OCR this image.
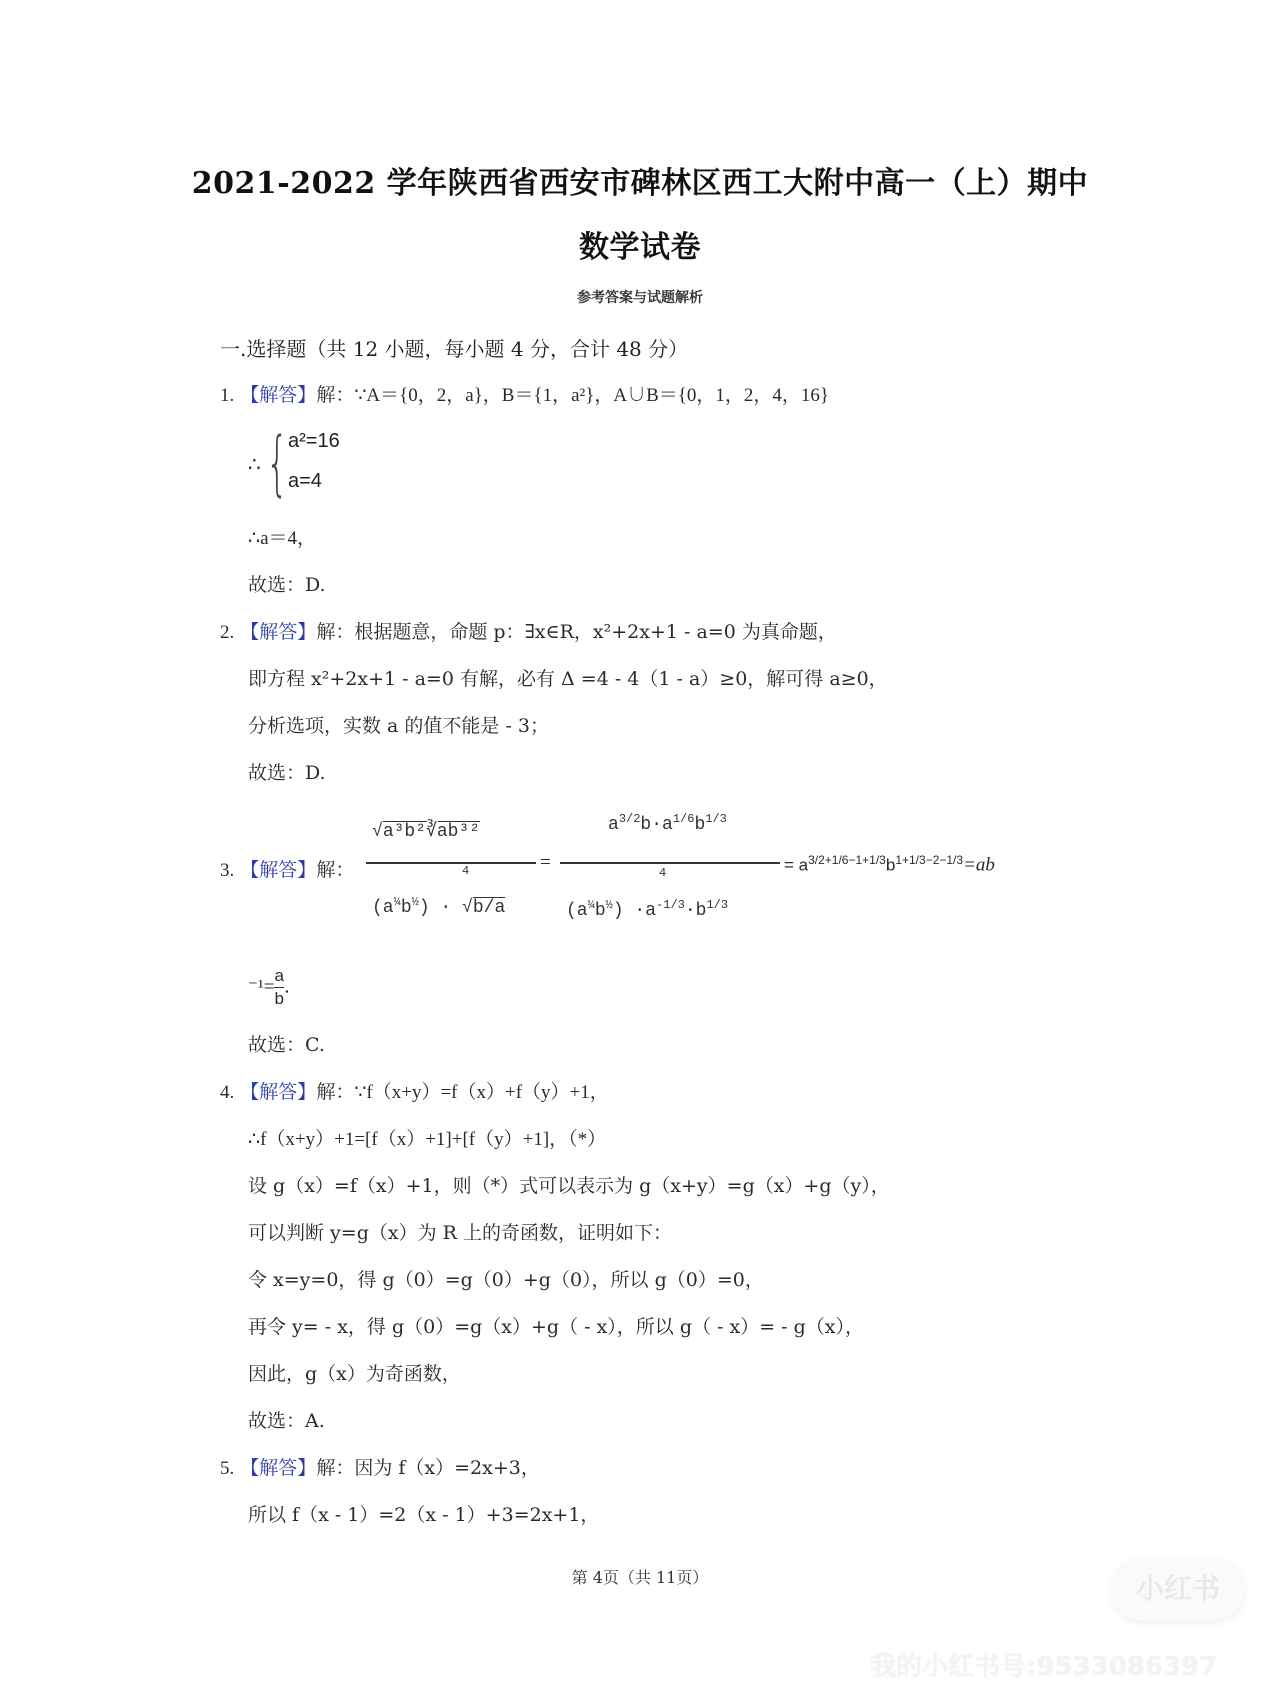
2021-2022 学年陕西省西安市碑林区西工大附中高一（上）期中
数学试卷
参考答案与试题解析
一.选择题（共 12 小题，每小题 4 分，合计 48 分）
1. 【解答】解：∵A＝{0，2，a}，B＝{1，a²}，A∪B＝{0，1，2，4，16}
∴ { a²=16
a=4
∴a＝4，
故选：D.
2. 【解答】解：根据题意，命题 p：∃x∈R，x²+2x+1 - a=0 为真命题，
即方程 x²+2x+1 - a=0 有解，必有 Δ =4 - 4（1 - a）≥0，解可得 a≥0，
分析选项，实数 a 的值不能是 - 3；
故选：D.
3. 【解答】解：
√a³b²∛ab³²
4
$(a^{\frac{1}{4}}b^{\frac{1}{2}}) \cdot √b/a$
=
$a^{3/2}b\cdot a^{1/6}b^{1/3}$
4
$(a^{\frac{1}{4}}b^{\frac{1}{2}}) \cdot a^{-1/3}\cdot b^{1/3}$
= $a^{3/2+1/6-1+1/3}b^{1+1/3-2-1/3}=ab$
$^{-1}= \frac{a}{b}$ .
故选：C.
4. 【解答】解：∵f（x+y）=f（x）+f（y）+1，
∴f（x+y）+1=[f（x）+1]+[f（y）+1]，（*）
设 g（x）=f（x）+1，则（*）式可以表示为 g（x+y）=g（x）+g（y），
可以判断 y=g（x）为 R 上的奇函数，证明如下：
令 x=y=0，得 g（0）=g（0）+g（0），所以 g（0）=0，
再令 y= - x，得 g（0）=g（x）+g（ - x），所以 g（ - x）= - g（x），
因此，g（x）为奇函数，
故选：A.
5. 【解答】解：因为 f（x）=2x+3，
所以 f（x - 1）=2（x - 1）+3=2x+1，
第 4页（共 11页）	小红书
我的小红书号:9533086397
